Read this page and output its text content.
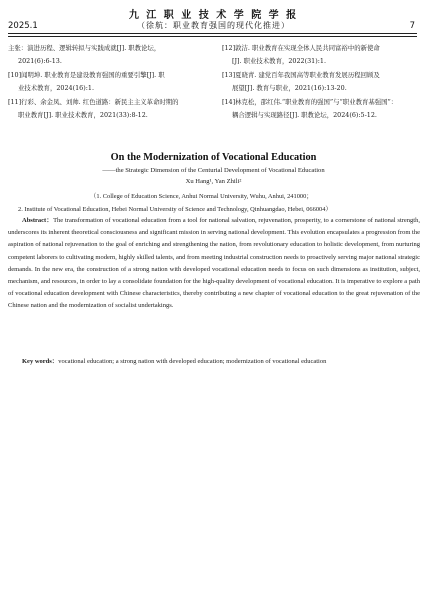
九 江 职 业 技 术 学 院 学 报
2025.1	（徐航：职业教育强国的现代化推进）	7
主张：演进历程、逻辑转拟与实践成就[J]. 职教论坛，
2021(6):6-13.
[10]闻明坤. 职业教育是建设教育强国的重要引擎[J]. 职
业技术教育，2024(16):1.
[11]行彩、余金凤、刘帅. 红色道路：新民主主义革命时期的
职业教育[J]. 职业技术教育，2021(33):8-12.
[12]敦洁. 职业教育在实现全体人民共同富裕中的新使命
[J]. 职业技术教育，2022(31):1.
[13]夏晓青. 建党百年我国高等职业教育发展历程回顾及
展望[J]. 教育与职业，2021(16):13-20.
[14]林克松，邵红伟.“职业教育的强国”与“职业教育基强国”：
耦合逻辑与实现路径[J]. 职教论坛，2024(6):5-12.
On the Modernization of Vocational Education
——the Strategic Dimension of the Centurial Development of Vocational Education
Xu Hang¹, Yan Zhili²
（1. College of Education Science, Anhui Normal University, Wuhu, Anhui, 241000；
2. Institute of Vocational Education, Hebei Normal University of Science and Technology, Qinhuangdao, Hebei, 066004）
Abstract：The transformation of vocational education from a tool for national salvation, rejuvenation, prosperity, to a cornerstone of national strength, underscores its inherent theoretical consciousness and significant mission in serving national development. This evolution encapsulates a progression from the aspiration of national rejuvenation to the goal of enriching and strengthening the nation, from revolutionary education to holistic development, from nurturing competent laborers to cultivating modern, highly skilled talents, and from meeting industrial construction needs to proactively serving major national strategic demands. In the new era, the construction of a strong nation with developed vocational education needs to focus on such dimensions as institution, subject, mechanism, and resources, in order to lay a consolidate foundation for the high-quality development of vocational education. It is imperative to explore a path of vocational education development with Chinese characteristics, thereby contributing a new chapter of vocational education to the great rejuvenation of the Chinese nation and the modernization of socialist undertakings.
Key words：vocational education; a strong nation with developed education; modernization of vocational education
